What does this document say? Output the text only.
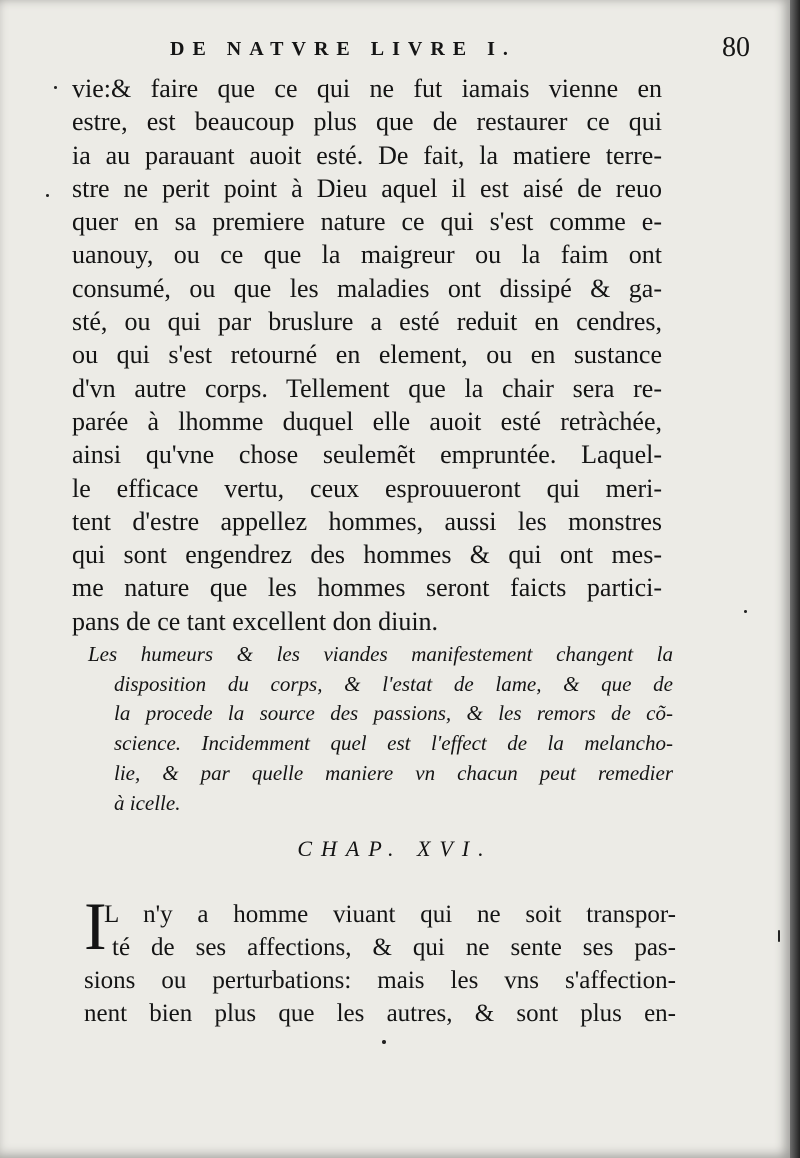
DE NATVRE LIVRE I.	80
vie:& faire que ce qui ne fut iamais vienne en
estre, est beaucoup plus que de restaurer ce qui
ia au parauant auoit esté. De fait, la matiere terre-
stre ne perit point à Dieu aquel il est aisé de reuo
quer en sa premiere nature ce qui s'est comme e-
uanouy, ou ce que la maigreur ou la faim ont
consumé, ou que les maladies ont dissipé & ga-
sté, ou qui par bruslure a esté reduit en cendres,
ou qui s'est retourné en element, ou en sustance
d'vn autre corps. Tellement que la chair sera re-
parée à lhomme duquel elle auoit esté retràchée,
ainsi qu'vne chose seulemẽt empruntée. Laquel-
le efficace vertu, ceux esprouueront qui meri-
tent d'estre appellez hommes, aussi les monstres
qui sont engendrez des hommes & qui ont mes-
me nature que les hommes seront faicts partici-
pans de ce tant excellent don diuin.
Les humeurs & les viandes manifestement changent la
disposition du corps, & l'estat de lame, & que de
la procede la source des passions, & les remors de cõ-
science. Incidemment quel est l'effect de la melancho-
lie, & par quelle maniere vn chacun peut remedier
à icelle.
CHAP. XVI.
I
L n'y a homme viuant qui ne soit transpor-
té de ses affections, & qui ne sente ses pas-
sions ou perturbations: mais les vns s'affection-
nent bien plus que les autres, & sont plus en-
